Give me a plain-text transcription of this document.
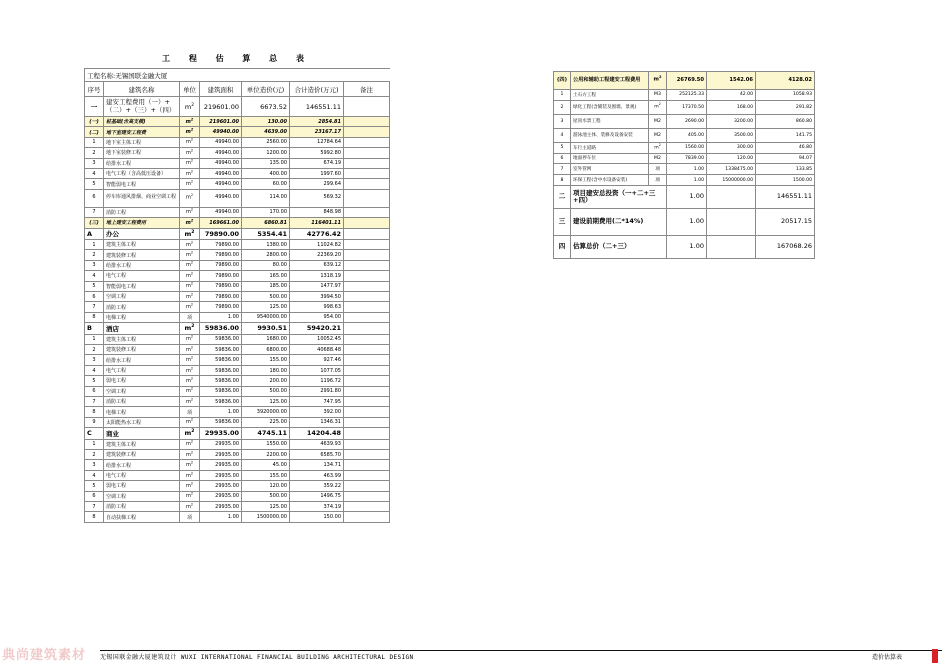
工 程 估 算 总 表						
工程名称:无锡国联金融大厦						
序号	建筑名称	单位	建筑面积	单位造价(元)	合计造价(万元)	备注
一	建安工程费用（一）+（二）+（三）+（四）	$m^2$	219601.00	6673.52	146551.11	
(一)	桩基础(含高支模)	$m^2$	219601.00	130.00	2854.81	
(二)	地下室建安工程费	$m^2$	49940.00	4639.00	23167.17	
1	地下室主体工程	$m^2$	49940.00	2560.00	12784.64	
2	地下室装修工程	$m^2$	49940.00	1200.00	5992.80	
3	给排水工程	$m^2$	49940.00	135.00	674.19	
4	电气工程（含高低压设备）	$m^2$	49940.00	400.00	1997.60	
5	智能弱电工程	$m^2$	49940.00	60.00	299.64	
6	停车库通风排烟、商业空调工程	$m^2$	49940.00	114.00	569.32	
7	消防工程	$m^2$	49940.00	170.00	848.98	
(三)	地上建安工程费用	$m^2$	169661.00	6860.81	116401.11	
A	办公	$m^2$	79890.00	5354.41	42776.42	
1	建筑主体工程	$m^2$	79890.00	1380.00	11024.82	
2	建筑装修工程	$m^2$	79890.00	2800.00	22369.20	
3	给排水工程	$m^2$	79890.00	80.00	639.12	
4	电气工程	$m^2$	79890.00	165.00	1318.19	
5	智能弱电工程	$m^2$	79890.00	185.00	1477.97	
6	空调工程	$m^2$	79890.00	500.00	3994.50	
7	消防工程	$m^2$	79890.00	125.00	998.63	
8	电梯工程	项	1.00	9540000.00	954.00	
B	酒店	$m^2$	59836.00	9930.51	59420.21	
1	建筑主体工程	$m^2$	59836.00	1680.00	10052.45	
2	建筑装修工程	$m^2$	59836.00	6800.00	40688.48	
3	给排水工程	$m^2$	59836.00	155.00	927.46	
4	电气工程	$m^2$	59836.00	180.00	1077.05	
5	弱电工程	$m^2$	59836.00	200.00	1196.72	
6	空调工程	$m^2$	59836.00	500.00	2991.80	
7	消防工程	$m^2$	59836.00	125.00	747.95	
8	电梯工程	项	1.00	3920000.00	392.00	
9	太阳能热水工程	$m^2$	59836.00	225.00	1346.31	
C	商业	$m^2$	29935.00	4745.11	14204.48	
1	建筑主体工程	$m^2$	29935.00	1550.00	4639.93	
2	建筑装修工程	$m^2$	29935.00	2200.00	6585.70	
3	给排水工程	$m^2$	29935.00	45.00	134.71	
4	电气工程	$m^2$	29935.00	155.00	463.99	
5	弱电工程	$m^2$	29935.00	120.00	359.22	
6	空调工程	$m^2$	29935.00	500.00	1496.75	
7	消防工程	$m^2$	29935.00	125.00	374.19	
8	自动扶梯工程	项	1.00	1500000.00	150.00	
(四)	公用和辅助工程建安工程费用	$m^2$	26769.50	1542.06	4128.02
1	土石方工程	M3	252125.33	42.00	1058.93
2	绿化工程(含铺装及围墙、景观)	$m^2$	17370.50	168.00	291.82
3	屋顶水景工程	M2	2690.00	3200.00	860.80
4	游泳池主体、装修及设备安装	M2	405.00	3500.00	141.75
5	车行主道路	$m^2$	1560.00	300.00	46.80
6	地面停车位	M2	7839.00	120.00	94.07
7	室外管网	项	1.00	1338475.00	133.85
8	环保工程(含中水设备安装)	项	1.00	15000000.00	1500.00
二	项目建安总投资（一+二+三+四）		1.00		146551.11
三	建设前期费用(二*14%)		1.00		20517.15
四	估算总价（二+三）		1.00		167068.26
典尚建筑素材 无锡国联金融大厦建筑设计 WUXI INTERNATIONAL FINANCIAL BUILDING ARCHITECTURAL DESIGN	造价估算表
